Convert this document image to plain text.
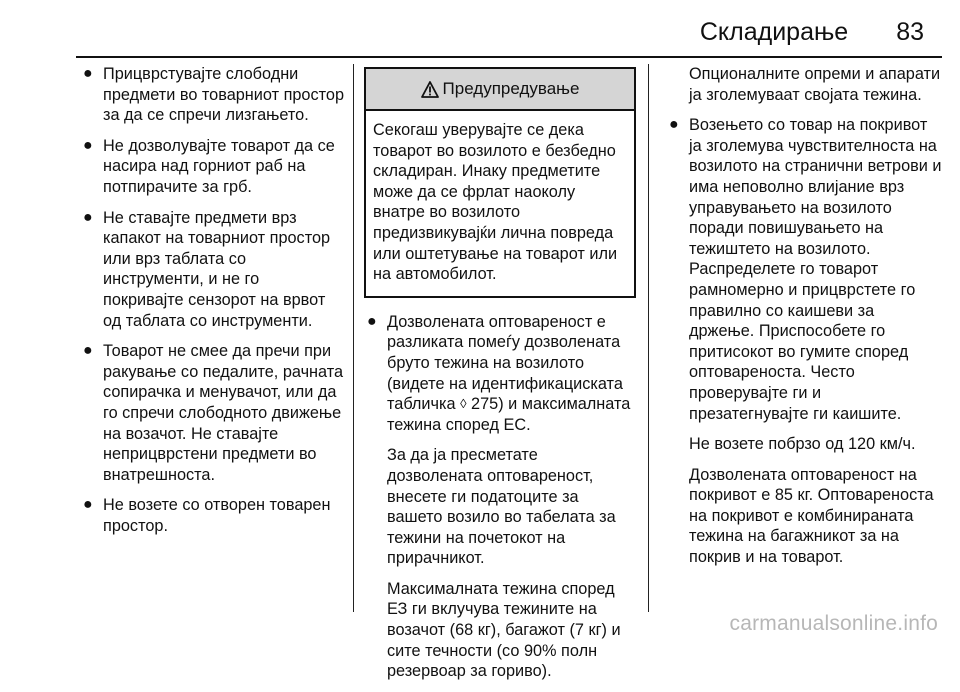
Складирање 83
● Прицврстувајте слободни предмети во товарниот простор за да се спречи лизгањето.
● Не дозволувајте товарот да се насира над горниот раб на потпирачите за грб.
● Не ставајте предмети врз капакот на товарниот простор или врз таблата со инструменти, и не го покривајте сензорот на врвот од таблата со инструменти.
● Товарот не смее да пречи при ракување со педалите, рачната сопирачка и менувачот, или да го спречи слободното движење на возачот. Не ставајте неприцврстени предмети во внатрешноста.
● Не возете со отворен товарен простор.
Предупредување
Секогаш уверувајте се дека товарот во возилото е безбедно складиран. Инаку предметите може да се фрлат наоколу внатре во возилото предизвикувајќи лична повреда или оштетување на товарот или на автомобилот.
● Дозволената оптовареност е разликата помеѓу дозволената бруто тежина на возилото (видете на идентификациската табличка ◊ 275) и максималната тежина според ЕС.

За да ја пресметате дозволената оптовареност, внесете ги податоците за вашето возило во табелата за тежини на почетокот на прирачникот.

Максималната тежина според ЕЗ ги вклучува тежините на возачот (68 кг), багажот (7 кг) и сите течности (со 90% полн резервоар за гориво).

Опционалните опреми и апарати ја зголемуваат својата тежина.

● Возењето со товар на покривот ја зголемува чувствителноста на возилото на странични ветрови и има неповолно влијание врз управувањето на возилото поради повишувањето на тежиштето на возилото. Распределете го товарот рамномерно и прицврстете го правилно со каишеви за држење. Приспособете го притисокот во гумите според оптовареноста. Често проверувајте ги и презатегнувајте ги каишите.

Не возете побрзо од 120 км/ч.

Дозволената оптовареност на покривот е 85 кг. Оптовареноста на покривот е комбинираната тежина на багажникот за на покрив и на товарот.

carmanualsonline.info
